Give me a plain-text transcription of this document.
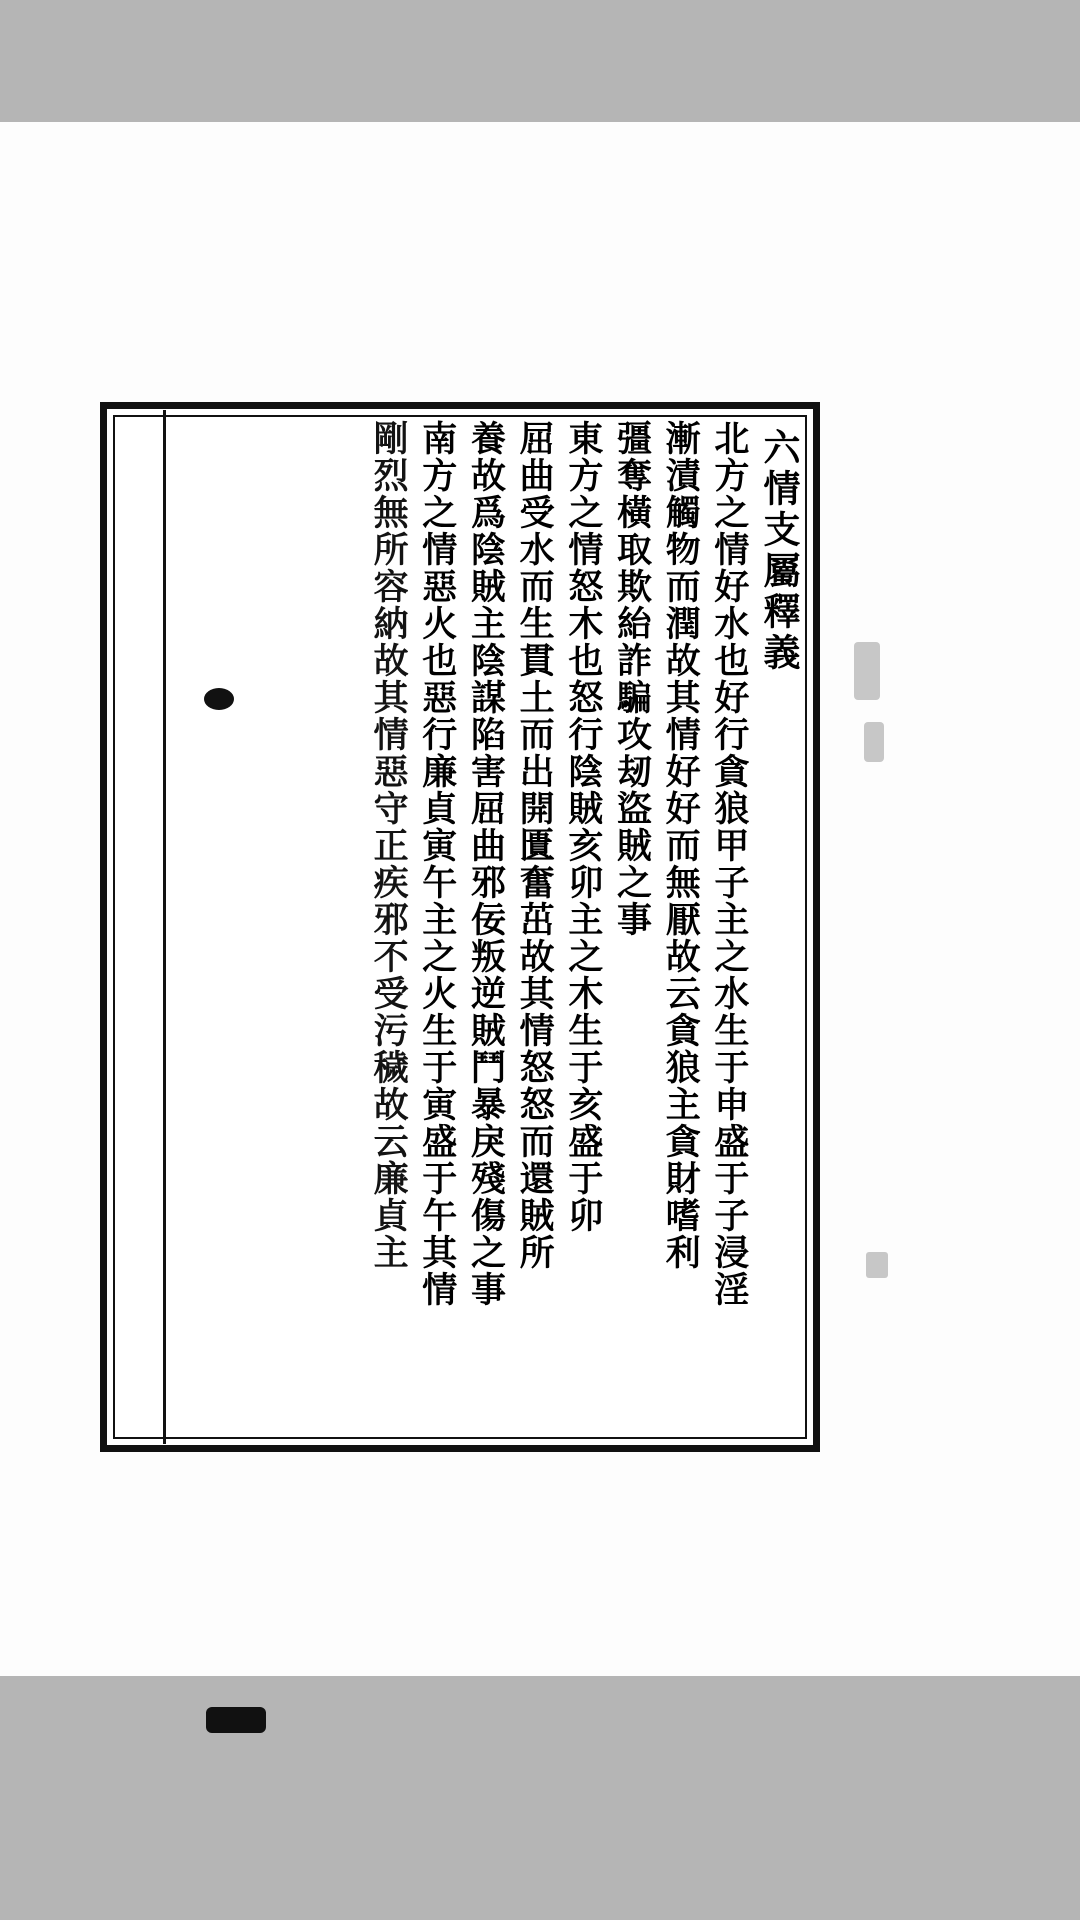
六情支屬釋義
北方之情好水也好行貪狼甲子主之水生于申盛于子浸淫
漸漬觸物而潤故其情好好而無厭故云貪狼主貪財嗜利
彊奪橫取欺紿詐騙攻刼盜賊之事
東方之情怒木也怒行陰賊亥卯主之木生于亥盛于卯
屈曲受水而生貫土而出開匱奮茁故其情怒怒而還賊所
養故爲陰賊主陰謀陷害屈曲邪佞叛逆賊鬥暴戾殘傷之事
南方之情惡火也惡行廉貞寅午主之火生于寅盛于午其情
剛烈無所容納故其情惡守正疾邪不受污穢故云廉貞主
